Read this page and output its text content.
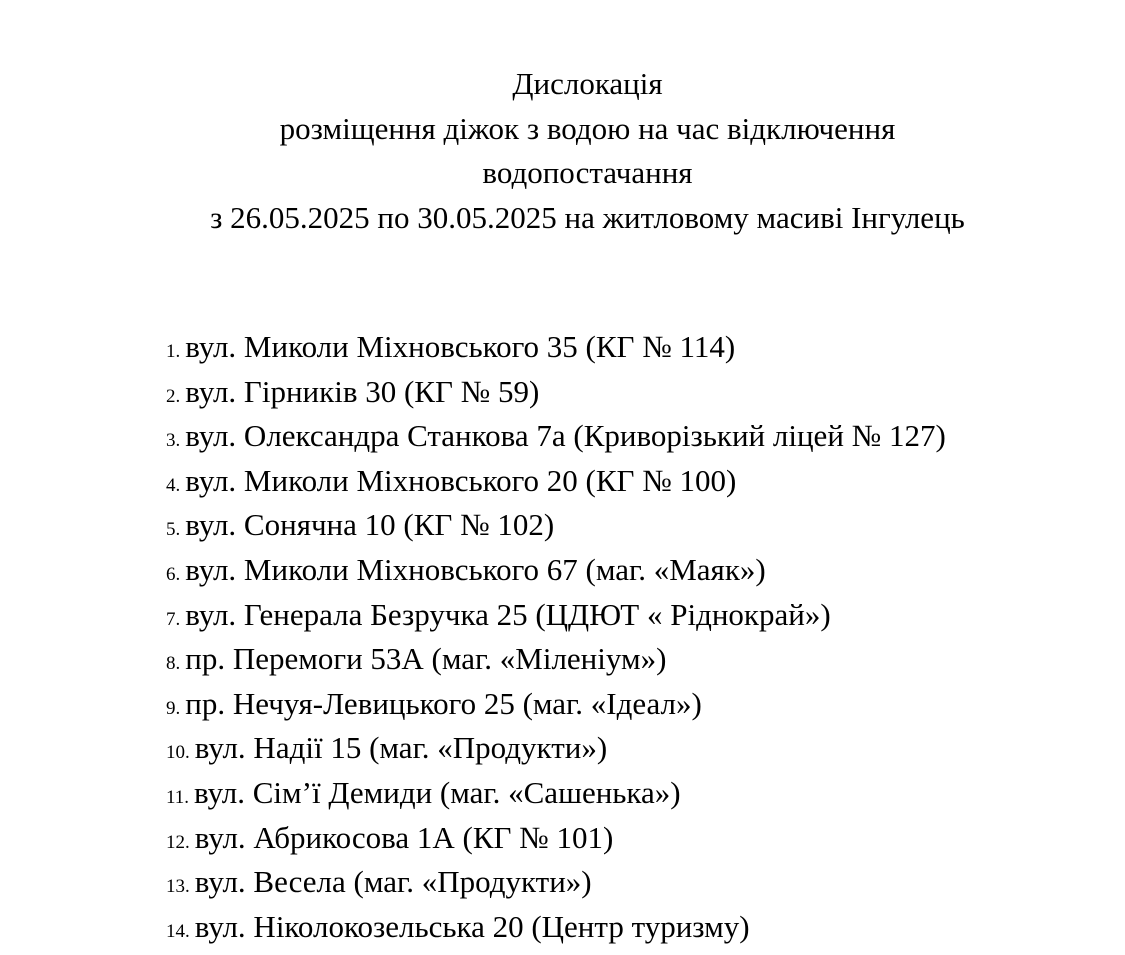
Дислокація
розміщення діжок з водою на час відключення
водопостачання
з 26.05.2025 по 30.05.2025 на житловому масиві Інгулець
1. вул. Миколи Міхновського 35 (КГ № 114)
2. вул. Гірників 30 (КГ № 59)
3. вул. Олександра Станкова 7а (Криворізький ліцей № 127)
4. вул. Миколи Міхновського 20 (КГ № 100)
5. вул. Сонячна 10 (КГ № 102)
6. вул. Миколи Міхновського 67 (маг. «Маяк»)
7. вул. Генерала Безручка 25 (ЦДЮТ « Ріднокрай»)
8. пр. Перемоги 53А (маг. «Міленіум»)
9. пр. Нечуя-Левицького 25 (маг. «Ідеал»)
10. вул. Надії 15 (маг. «Продукти»)
11. вул. Сім’ї Демиди (маг. «Сашенька»)
12. вул. Абрикосова 1А (КГ № 101)
13. вул. Весела (маг. «Продукти»)
14. вул. Ніколокозельська 20 (Центр туризму)
